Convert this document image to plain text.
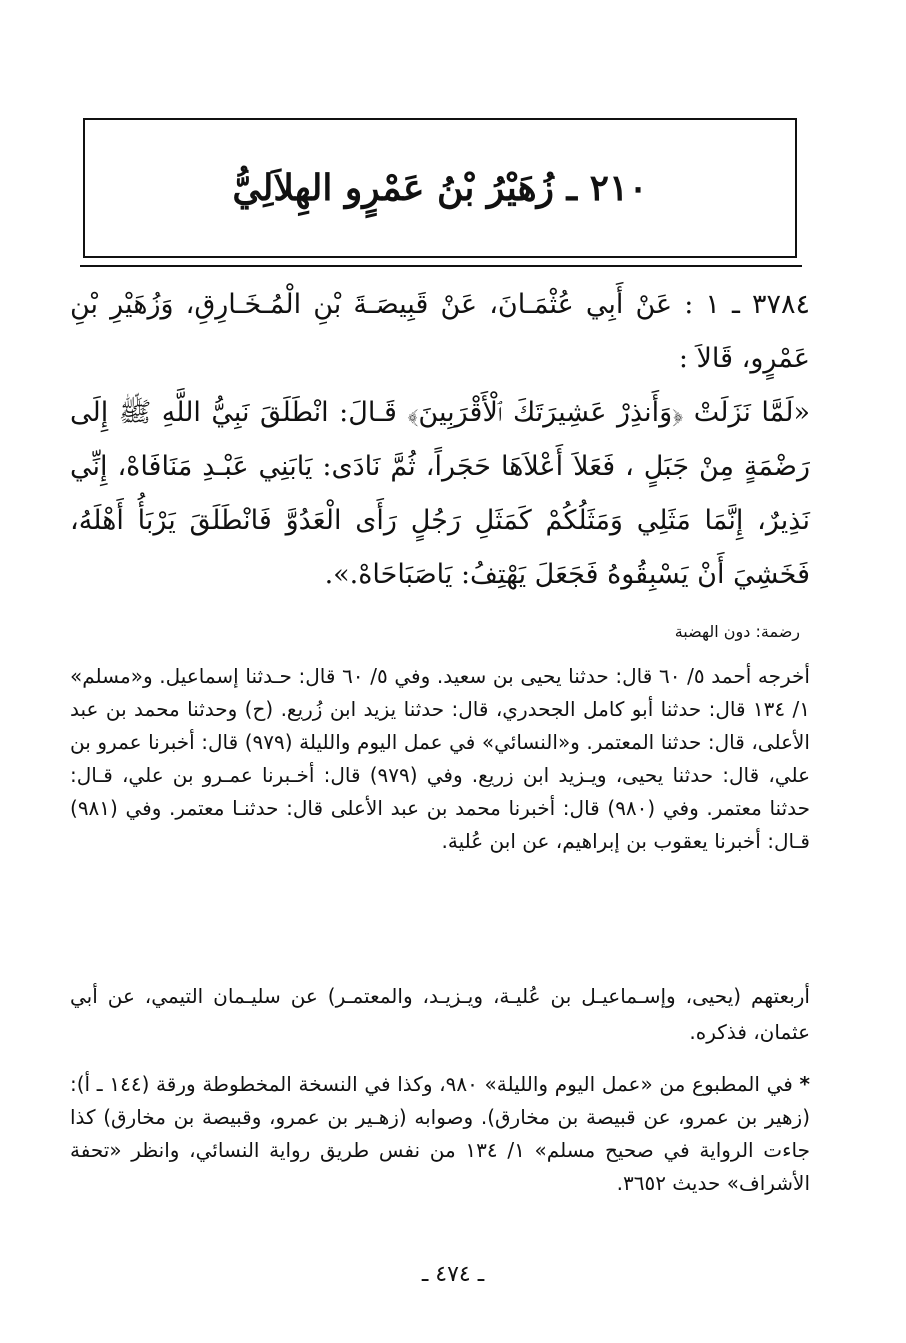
٢١٠ ـ زُهَيْرُ بْنُ عَمْرٍو الهِلاَلِيُّ

٣٧٨٤ ـ ١ : عَنْ أَبِي عُثْمَـانَ، عَنْ قَبِيصَـةَ بْنِ الْمُـخَـارِقِ، وَزُهَيْرِ بْنِ عَمْرٍو، قَالاَ :

«لَمَّا نَزَلَتْ ﴿وَأَنذِرْ عَشِيرَتَكَ ٱلْأَقْرَبِينَ﴾ قَـالَ: انْطَلَقَ نَبِيُّ اللَّهِ ﷺ إِلَى رَضْمَةٍ مِنْ جَبَلٍ ، فَعَلاَ أَعْلاَهَا حَجَراً، ثُمَّ نَادَى: يَابَنِي عَبْـدِ مَنَافَاهْ، إِنِّي نَذِيرٌ، إِنَّمَا مَثَلِي وَمَثَلُكُمْ كَمَثَلِ رَجُلٍ رَأَى الْعَدُوَّ فَانْطَلَقَ يَرْبَأُ أَهْلَهُ، فَخَشِيَ أَنْ يَسْبِقُوهُ فَجَعَلَ يَهْتِفُ: يَاصَبَاحَاهْ.».

رضمة: دون الهضبة

أخرجه أحمد ٥/ ٦٠ قال: حدثنا يحيى بن سعيد. وفي ٥/ ٦٠ قال: حـدثنا إسماعيل. و«مسلم» ١/ ١٣٤ قال: حدثنا أبو كامل الجحدري، قال: حدثنا يزيد ابن زُريع. (ح) وحدثنا محمد بن عبد الأعلى، قال: حدثنا المعتمر. و«النسائي» في عمل اليوم والليلة (٩٧٩) قال: أخبرنا عمرو بن علي، قال: حدثنا يحيى، ويـزيد ابن زريع. وفي (٩٧٩) قال: أخـبرنا عمـرو بن علي، قـال: حدثنا معتمر. وفي (٩٨٠) قال: أخبرنا محمد بن عبد الأعلى قال: حدثنـا معتمر. وفي (٩٨١) قـال: أخبرنا يعقوب بن إبراهيم، عن ابن عُلية.

أربعتهم (يحيى، وإسـماعيـل بن عُليـة، ويـزيـد، والمعتمـر) عن سليـمان التيمي، عن أبي عثمان، فذكره.
* في المطبوع من «عمل اليوم والليلة» ٩٨٠، وكذا في النسخة المخطوطة ورقة (١٤٤ ـ أ): (زهير بن عمرو، عن قبيصة بن مخارق). وصوابه (زهـير بن عمرو، وقبيصة بن مخارق) كذا جاءت الرواية في صحيح مسلم» ١/ ١٣٤ من نفس طريق رواية النسائي، وانظر «تحفة الأشراف» حديث ٣٦٥٢.
ـ ٤٧٤ ـ
